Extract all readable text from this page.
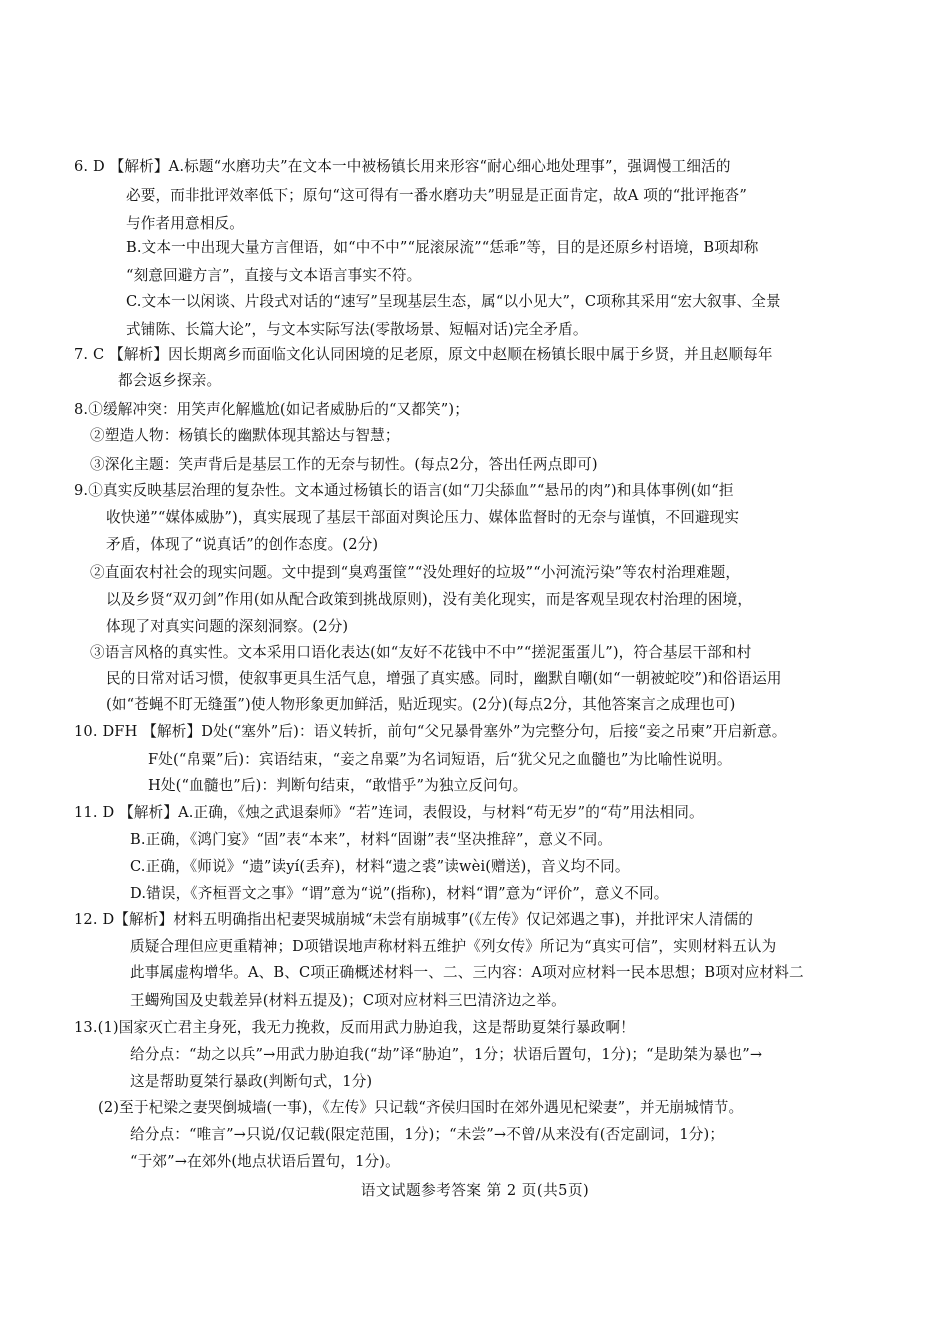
6. D 【解析】A.标题“水磨功夫”在文本一中被杨镇长用来形容“耐心细心地处理事”，强调慢工细活的
必要，而非批评效率低下；原句“这可得有一番水磨功夫”明显是正面肯定，故A 项的“批评拖沓”
与作者用意相反。
B.文本一中出现大量方言俚语，如“中不中”“屁滚尿流”“恁乖”等，目的是还原乡村语境，B项却称
“刻意回避方言”，直接与文本语言事实不符。
C.文本一以闲谈、片段式对话的“速写”呈现基层生态，属“以小见大”，C项称其采用“宏大叙事、全景
式铺陈、长篇大论”，与文本实际写法(零散场景、短幅对话)完全矛盾。
7. C 【解析】因长期离乡而面临文化认同困境的足老原，原文中赵顺在杨镇长眼中属于乡贤，并且赵顺每年
都会返乡探亲。
8.①缓解冲突：用笑声化解尴尬(如记者威胁后的“又都笑”)；
②塑造人物：杨镇长的幽默体现其豁达与智慧；
③深化主题：笑声背后是基层工作的无奈与韧性。(每点2分，答出任两点即可)
9.①真实反映基层治理的复杂性。文本通过杨镇长的语言(如“刀尖舔血”“悬吊的肉”)和具体事例(如“拒
收快递”“媒体威胁”)，真实展现了基层干部面对舆论压力、媒体监督时的无奈与谨慎，不回避现实
矛盾，体现了“说真话”的创作态度。(2分)
②直面农村社会的现实问题。文中提到“臭鸡蛋筐”“没处理好的垃圾”“小河流污染”等农村治理难题，
以及乡贤“双刃剑”作用(如从配合政策到挑战原则)，没有美化现实，而是客观呈现农村治理的困境，
体现了对真实问题的深刻洞察。(2分)
③语言风格的真实性。文本采用口语化表达(如“友好不花钱中不中”“搓泥蛋蛋儿”)，符合基层干部和村
民的日常对话习惯，使叙事更具生活气息，增强了真实感。同时，幽默自嘲(如“一朝被蛇咬”)和俗语运用
(如“苍蝇不盯无缝蛋”)使人物形象更加鲜活，贴近现实。(2分)(每点2分，其他答案言之成理也可)
10. DFH 【解析】D处(“塞外”后)：语义转折，前句“父兄暴骨塞外”为完整分句，后接“妾之吊柬”开启新意。
F处(“帛粟”后)：宾语结束，“妾之帛粟”为名词短语，后“犹父兄之血髓也”为比喻性说明。
H处(“血髓也”后)：判断句结束，“敢惜乎”为独立反问句。
11. D 【解析】A.正确，《烛之武退秦师》“若”连词，表假设，与材料“苟无岁”的“苟”用法相同。
B.正确，《鸿门宴》“固”表“本来”，材料“固谢”表“坚决推辞”，意义不同。
C.正确，《师说》“遗”读yí(丢弃)，材料“遗之裘”读wèi(赠送)，音义均不同。
D.错误，《齐桓晋文之事》“谓”意为“说”(指称)，材料“谓”意为“评价”，意义不同。
12. D【解析】材料五明确指出杞妻哭城崩城“未尝有崩城事”(《左传》仅记郊遇之事)，并批评宋人清儒的
质疑合理但应更重精神；D项错误地声称材料五维护《列女传》所记为“真实可信”，实则材料五认为
此事属虚构增华。A、B、C项正确概述材料一、二、三内容：A项对应材料一民本思想；B项对应材料二
王蠋殉国及史载差异(材料五提及)；C项对应材料三巴清济边之举。
13.(1)国家灭亡君主身死，我无力挽救，反而用武力胁迫我，这是帮助夏桀行暴政啊！
给分点：“劫之以兵”→用武力胁迫我(“劫”译“胁迫”，1分；状语后置句，1分)；“是助桀为暴也”→
这是帮助夏桀行暴政(判断句式，1分)
(2)至于杞梁之妻哭倒城墙(一事)，《左传》只记载“齐侯归国时在郊外遇见杞梁妻”，并无崩城情节。
给分点：“唯言”→只说/仅记载(限定范围，1分)；“未尝”→不曾/从来没有(否定副词，1分)；
“于郊”→在郊外(地点状语后置句，1分)。
语文试题参考答案 第 2 页(共5页)
